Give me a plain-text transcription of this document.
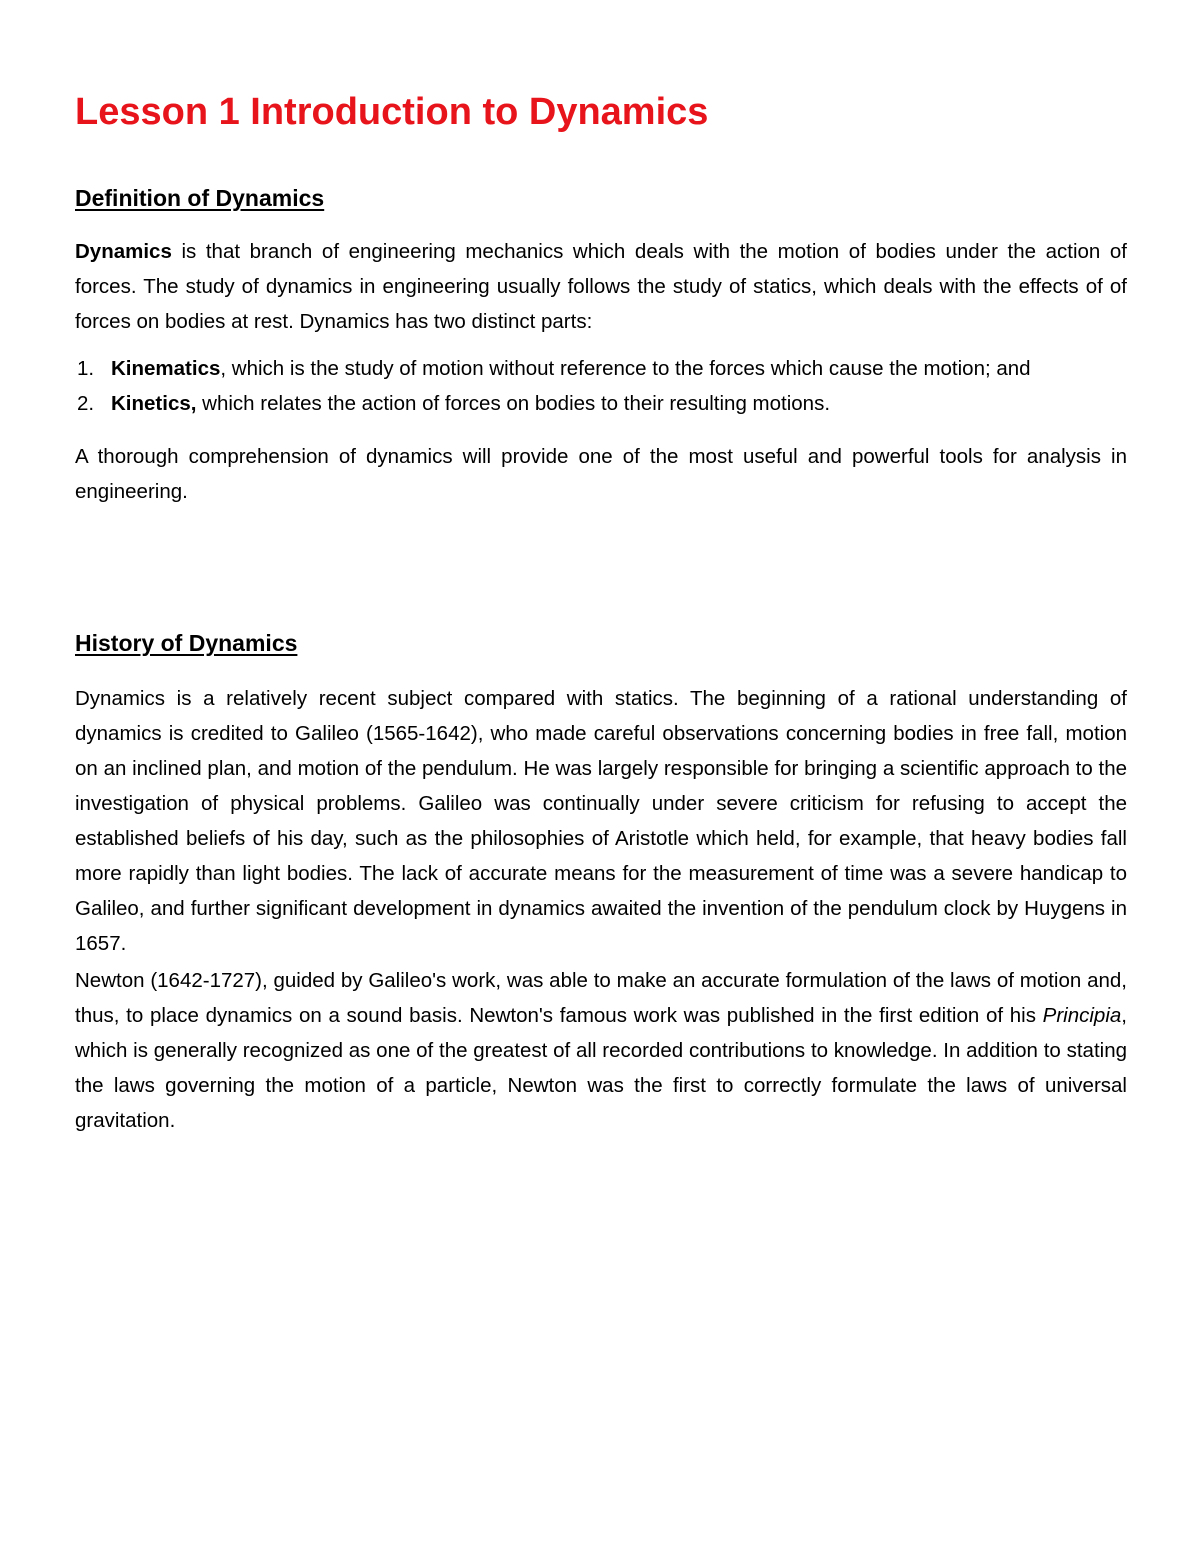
Lesson 1 Introduction to Dynamics
Definition of Dynamics

Dynamics is that branch of engineering mechanics which deals with the motion of bodies under the action of forces. The study of dynamics in engineering usually follows the study of statics, which deals with the effects of of forces on bodies at rest. Dynamics has two distinct parts:

1. Kinematics, which is the study of motion without reference to the forces which cause the motion; and
2. Kinetics, which relates the action of forces on bodies to their resulting motions.

A thorough comprehension of dynamics will provide one of the most useful and powerful tools for analysis in engineering.

History of Dynamics

Dynamics is a relatively recent subject compared with statics. The beginning of a rational understanding of dynamics is credited to Galileo (1565-1642), who made careful observations concerning bodies in free fall, motion on an inclined plan, and motion of the pendulum. He was largely responsible for bringing a scientific approach to the investigation of physical problems. Galileo was continually under severe criticism for refusing to accept the established beliefs of his day, such as the philosophies of Aristotle which held, for example, that heavy bodies fall more rapidly than light bodies. The lack of accurate means for the measurement of time was a severe handicap to Galileo, and further significant development in dynamics awaited the invention of the pendulum clock by Huygens in 1657.

Newton (1642-1727), guided by Galileo's work, was able to make an accurate formulation of the laws of motion and, thus, to place dynamics on a sound basis. Newton's famous work was published in the first edition of his Principia, which is generally recognized as one of the greatest of all recorded contributions to knowledge. In addition to stating the laws governing the motion of a particle, Newton was the first to correctly formulate the laws of universal gravitation.
